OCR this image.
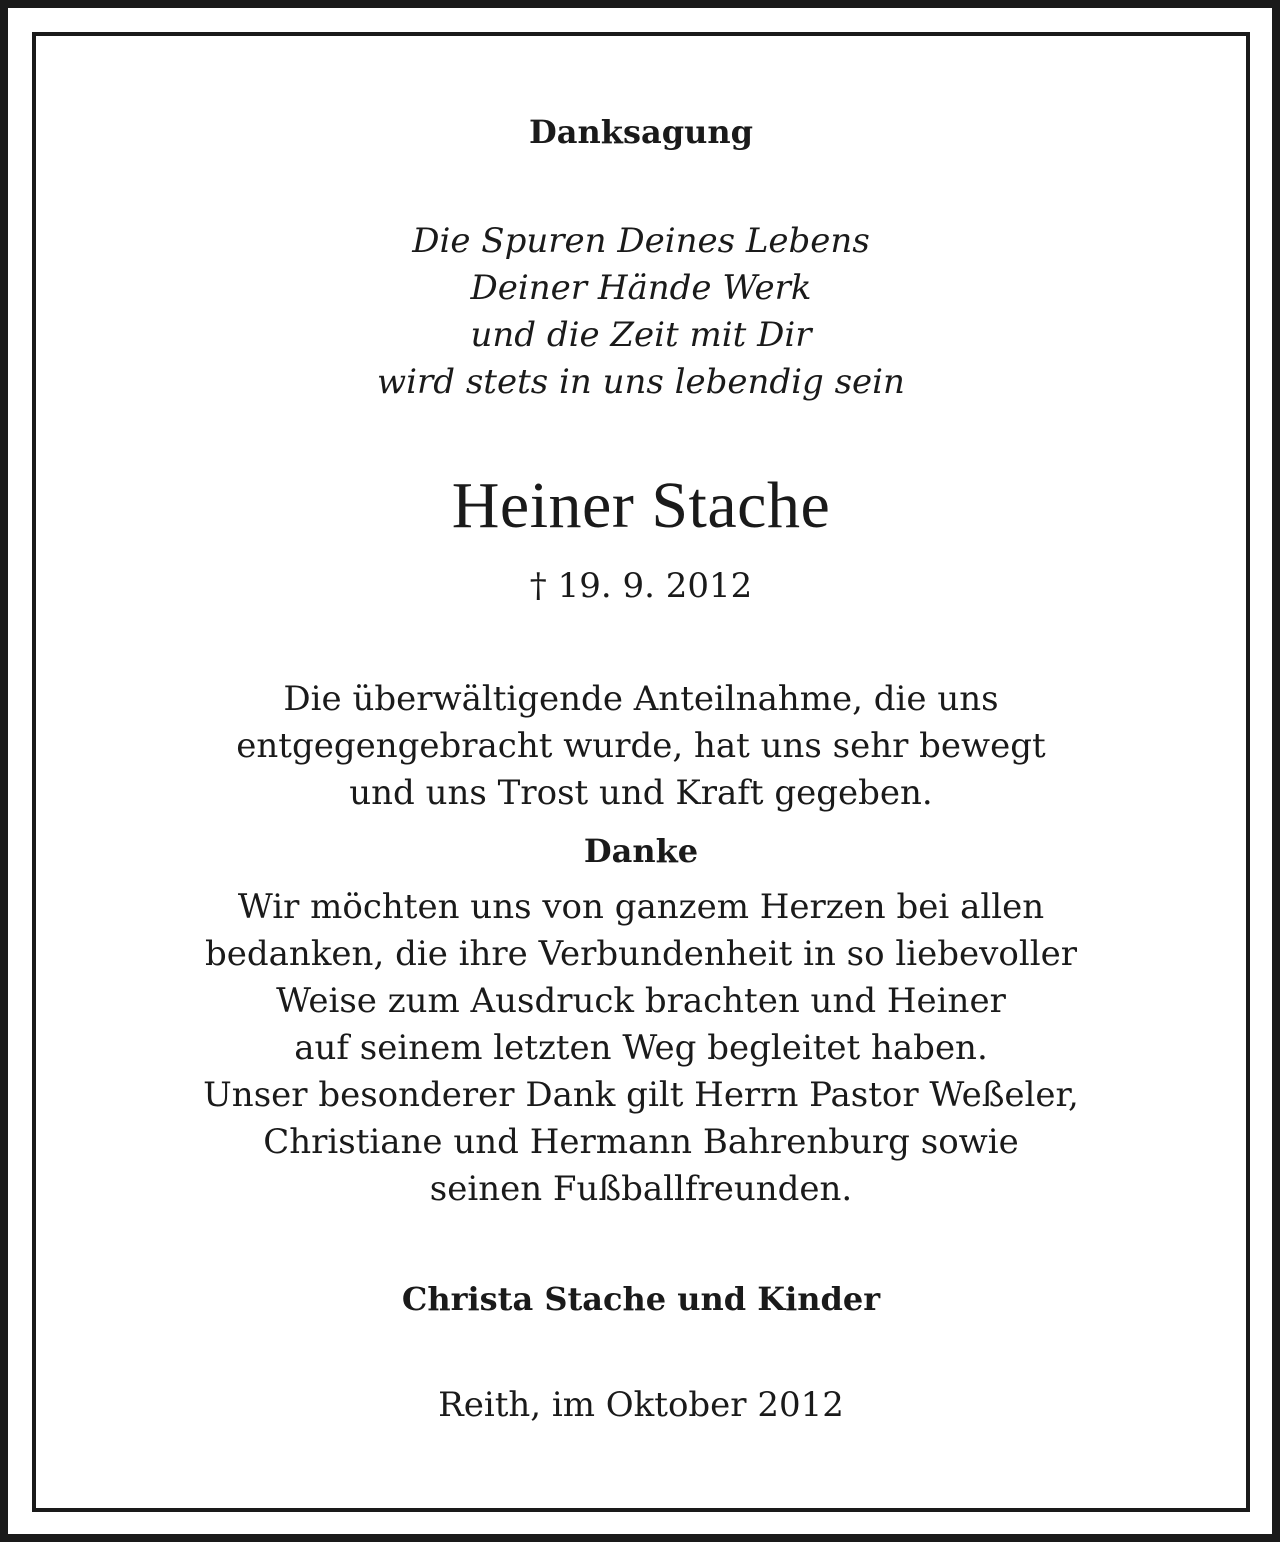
Danksagung
Die Spuren Deines Lebens
Deiner Hände Werk
und die Zeit mit Dir
wird stets in uns lebendig sein
Heiner Stache
† 19. 9. 2012
Die überwältigende Anteilnahme, die uns
entgegengebracht wurde, hat uns sehr bewegt
und uns Trost und Kraft gegeben.
Danke
Wir möchten uns von ganzem Herzen bei allen
bedanken, die ihre Verbundenheit in so liebevoller
Weise zum Ausdruck brachten und Heiner
auf seinem letzten Weg begleitet haben.
Unser besonderer Dank gilt Herrn Pastor Weßeler,
Christiane und Hermann Bahrenburg sowie
seinen Fußballfreunden.
Christa Stache und Kinder
Reith, im Oktober 2012
